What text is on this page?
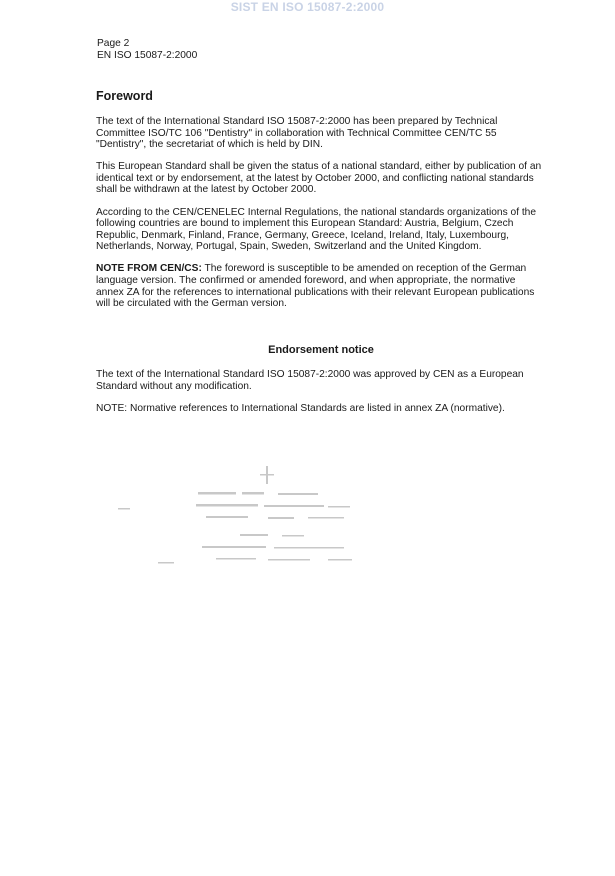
SIST EN ISO 15087-2:2000
Page 2
EN ISO 15087-2:2000
Foreword

The text of the International Standard ISO 15087-2:2000 has been prepared by Technical Committee ISO/TC 106 "Dentistry" in collaboration with Technical Committee CEN/TC 55 "Dentistry", the secretariat of which is held by DIN.

This European Standard shall be given the status of a national standard, either by publication of an identical text or by endorsement, at the latest by October 2000, and conflicting national standards shall be withdrawn at the latest by October 2000.

According to the CEN/CENELEC Internal Regulations, the national standards organizations of the following countries are bound to implement this European Standard: Austria, Belgium, Czech Republic, Denmark, Finland, France, Germany, Greece, Iceland, Ireland, Italy, Luxembourg, Netherlands, Norway, Portugal, Spain, Sweden, Switzerland and the United Kingdom.

NOTE FROM CEN/CS: The foreword is susceptible to be amended on reception of the German language version. The confirmed or amended foreword, and when appropriate, the normative annex ZA for the references to international publications with their relevant European publications will be circulated with the German version.

Endorsement notice

The text of the International Standard ISO 15087-2:2000 was approved by CEN as a European Standard without any modification.

NOTE: Normative references to International Standards are listed in annex ZA (normative).
